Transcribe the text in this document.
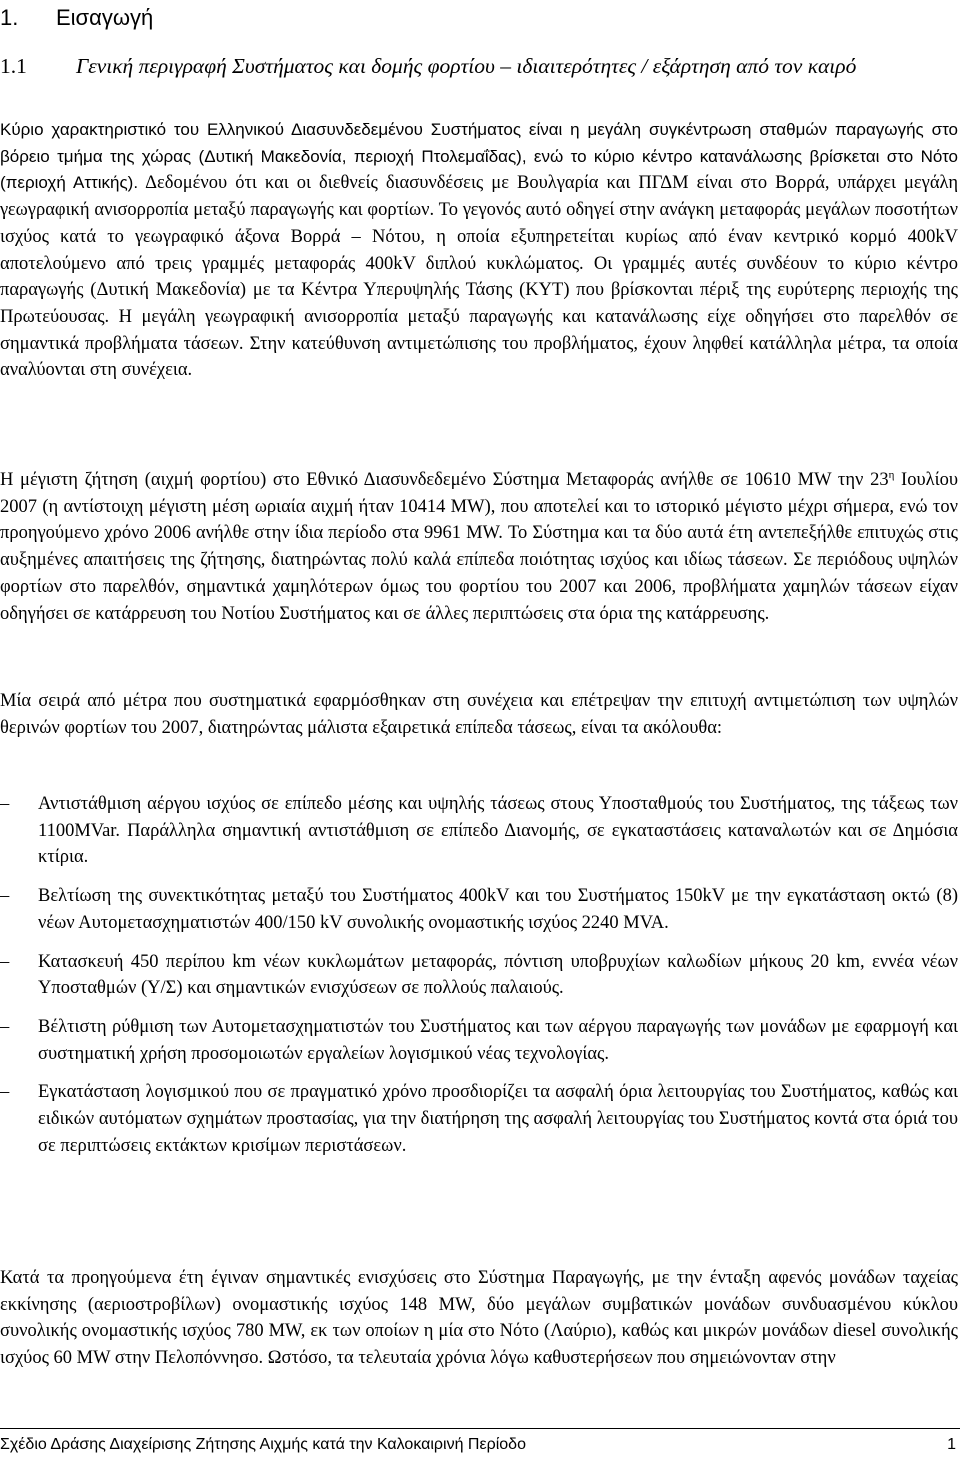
1. Εισαγωγή
1.1 Γενική περιγραφή Συστήματος και δομής φορτίου – ιδιαιτερότητες / εξάρτηση από τον καιρό

Κύριο χαρακτηριστικό του Ελληνικού Διασυνδεδεμένου Συστήματος είναι η μεγάλη συγκέντρωση σταθμών παραγωγής στο βόρειο τμήμα της χώρας (Δυτική Μακεδονία, περιοχή Πτολεμαΐδας), ενώ το κύριο κέντρο κατανάλωσης βρίσκεται στο Νότο (περιοχή Αττικής). Δεδομένου ότι και οι διεθνείς διασυνδέσεις με Βουλγαρία και ΠΓΔΜ είναι στο Βορρά, υπάρχει μεγάλη γεωγραφική ανισορροπία μεταξύ παραγωγής και φορτίων. Το γεγονός αυτό οδηγεί στην ανάγκη μεταφοράς μεγάλων ποσοτήτων ισχύος κατά το γεωγραφικό άξονα Βορρά – Νότου, η οποία εξυπηρετείται κυρίως από έναν κεντρικό κορμό 400kV αποτελούμενο από τρεις γραμμές μεταφοράς 400kV διπλού κυκλώματος. Οι γραμμές αυτές συνδέουν το κύριο κέντρο παραγωγής (Δυτική Μακεδονία) με τα Κέντρα Υπερυψηλής Τάσης (ΚΥΤ) που βρίσκονται πέριξ της ευρύτερης περιοχής της Πρωτεύουσας. Η μεγάλη γεωγραφική ανισορροπία μεταξύ παραγωγής και κατανάλωσης είχε οδηγήσει στο παρελθόν σε σημαντικά προβλήματα τάσεων. Στην κατεύθυνση αντιμετώπισης του προβλήματος, έχουν ληφθεί κατάλληλα μέτρα, τα οποία αναλύονται στη συνέχεια.

Η μέγιστη ζήτηση (αιχμή φορτίου) στο Εθνικό Διασυνδεδεμένο Σύστημα Μεταφοράς ανήλθε σε 10610 MW την $23^\eta$ Ιουλίου 2007 (η αντίστοιχη μέγιστη μέση ωριαία αιχμή ήταν 10414 MW), που αποτελεί και το ιστορικό μέγιστο μέχρι σήμερα, ενώ τον προηγούμενο χρόνο 2006 ανήλθε στην ίδια περίοδο στα 9961 MW. Το Σύστημα και τα δύο αυτά έτη αντεπεξήλθε επιτυχώς στις αυξημένες απαιτήσεις της ζήτησης, διατηρώντας πολύ καλά επίπεδα ποιότητας ισχύος και ιδίως τάσεων. Σε περιόδους υψηλών φορτίων στο παρελθόν, σημαντικά χαμηλότερων όμως του φορτίου του 2007 και 2006, προβλήματα χαμηλών τάσεων είχαν οδηγήσει σε κατάρρευση του Νοτίου Συστήματος και σε άλλες περιπτώσεις στα όρια της κατάρρευσης.

Μία σειρά από μέτρα που συστηματικά εφαρμόσθηκαν στη συνέχεια και επέτρεψαν την επιτυχή αντιμετώπιση των υψηλών θερινών φορτίων του 2007, διατηρώντας μάλιστα εξαιρετικά επίπεδα τάσεως, είναι τα ακόλουθα:

–	Αντιστάθμιση αέργου ισχύος σε επίπεδο μέσης και υψηλής τάσεως στους Υποσταθμούς του Συστήματος, της τάξεως των 1100MVar. Παράλληλα σημαντική αντιστάθμιση σε επίπεδο Διανομής, σε εγκαταστάσεις καταναλωτών και σε Δημόσια κτίρια.
–	Βελτίωση της συνεκτικότητας μεταξύ του Συστήματος 400kV και του Συστήματος 150kV με την εγκατάσταση οκτώ (8) νέων Αυτομετασχηματιστών 400/150 kV συνολικής ονομαστικής ισχύος 2240 MVA.
–	Κατασκευή 450 περίπου km νέων κυκλωμάτων μεταφοράς, πόντιση υποβρυχίων καλωδίων μήκους 20 km, εννέα νέων Υποσταθμών (Υ/Σ) και σημαντικών ενισχύσεων σε πολλούς παλαιούς.
–	Βέλτιστη ρύθμιση των Αυτομετασχηματιστών του Συστήματος και των αέργου παραγωγής των μονάδων με εφαρμογή και συστηματική χρήση προσομοιωτών εργαλείων λογισμικού νέας τεχνολογίας.
–	Εγκατάσταση λογισμικού που σε πραγματικό χρόνο προσδιορίζει τα ασφαλή όρια λειτουργίας του Συστήματος, καθώς και ειδικών αυτόματων σχημάτων προστασίας, για την διατήρηση της ασφαλή λειτουργίας του Συστήματος κοντά στα όριά του σε περιπτώσεις εκτάκτων κρισίμων περιστάσεων.

Κατά τα προηγούμενα έτη έγιναν σημαντικές ενισχύσεις στο Σύστημα Παραγωγής, με την ένταξη αφενός μονάδων ταχείας εκκίνησης (αεριοστροβίλων) ονομαστικής ισχύος 148 MW, δύο μεγάλων συμβατικών μονάδων συνδυασμένου κύκλου συνολικής ονομαστικής ισχύος 780 MW, εκ των οποίων η μία στο Νότο (Λαύριο), καθώς και μικρών μονάδων diesel συνολικής ισχύος 60 MW στην Πελοπόννησο. Ωστόσο, τα τελευταία χρόνια λόγω καθυστερήσεων που σημειώνονταν στην

Σχέδιο Δράσης Διαχείρισης Ζήτησης Αιχμής κατά την Καλοκαιρινή Περίοδο	1
